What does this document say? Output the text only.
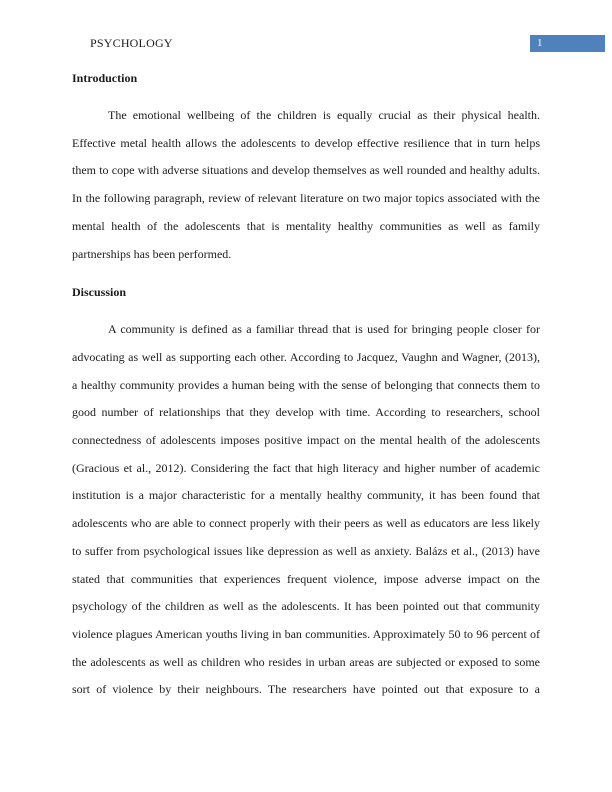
PSYCHOLOGY	1
Introduction
The emotional wellbeing of the children is equally crucial as their physical health.
Effective metal health allows the adolescents to develop effective resilience that in turn helps
them to cope with adverse situations and develop themselves as well rounded and healthy adults.
In the following paragraph, review of relevant literature on two major topics associated with the
mental health of the adolescents that is mentality healthy communities as well as family
partnerships has been performed.
Discussion
A community is defined as a familiar thread that is used for bringing people closer for
advocating as well as supporting each other. According to Jacquez, Vaughn and Wagner, (2013),
a healthy community provides a human being with the sense of belonging that connects them to
good number of relationships that they develop with time. According to researchers, school
connectedness of adolescents imposes positive impact on the mental health of the adolescents
(Gracious et al., 2012). Considering the fact that high literacy and higher number of academic
institution is a major characteristic for a mentally healthy community, it has been found that
adolescents who are able to connect properly with their peers as well as educators are less likely
to suffer from psychological issues like depression as well as anxiety. Balázs et al., (2013) have
stated that communities that experiences frequent violence, impose adverse impact on the
psychology of the children as well as the adolescents. It has been pointed out that community
violence plagues American youths living in ban communities. Approximately 50 to 96 percent of
the adolescents as well as children who resides in urban areas are subjected or exposed to some
sort of violence by their neighbours. The researchers have pointed out that exposure to a
